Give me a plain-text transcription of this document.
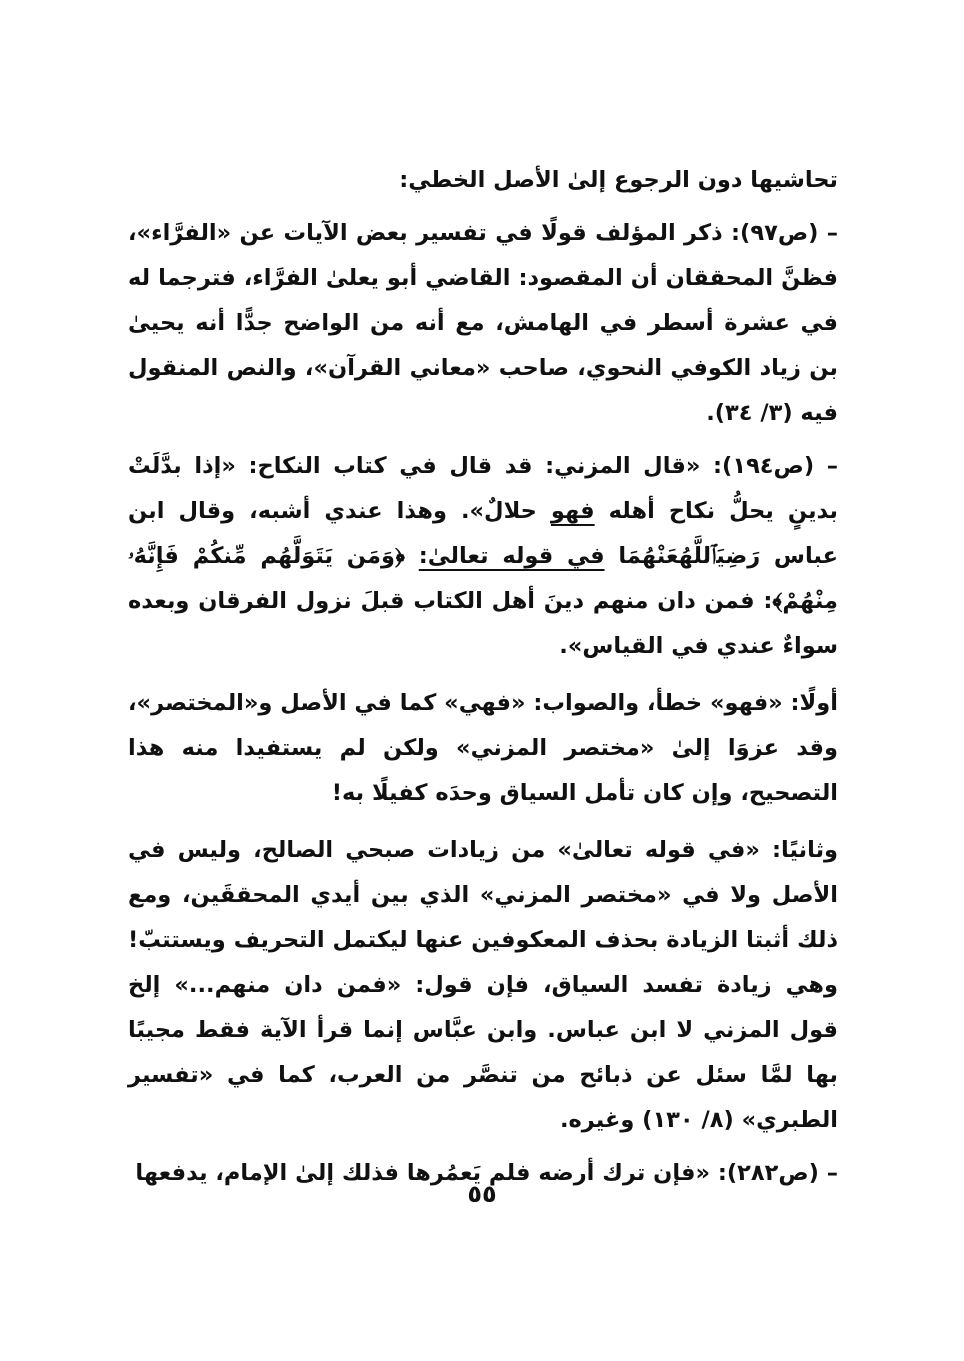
تحاشيها دون الرجوع إلىٰ الأصل الخطي:

– (ص٩٧): ذكر المؤلف قولًا في تفسير بعض الآيات عن «الفرَّاء»، فظنَّ المحققان أن المقصود: القاضي أبو يعلىٰ الفرَّاء، فترجما له في عشرة أسطر في الهامش، مع أنه من الواضح جدًّا أنه يحيىٰ بن زياد الكوفي النحوي، صاحب «معاني القرآن»، والنص المنقول فيه (٣/ ٣٤).

– (ص١٩٤): «قال المزني: قد قال في كتاب النكاح: «إذا بدَّلَتْ بدينٍ يحلُّ نكاح أهله فهو حلالٌ». وهذا عندي أشبه، وقال ابن عباس رَضِيَٱللَّهُعَنْهُمَا في قوله تعالىٰ: ﴿وَمَن يَتَوَلَّهُم مِّنكُمْ فَإِنَّهُۥ مِنْهُمْ﴾: فمن دان منهم دينَ أهل الكتاب قبلَ نزول الفرقان وبعده سواءٌ عندي في القياس».

أولًا: «فهو» خطأ، والصواب: «فهي» كما في الأصل و«المختصر»، وقد عزوَا إلىٰ «مختصر المزني» ولكن لم يستفيدا منه هذا التصحيح، وإن كان تأمل السياق وحدَه كفيلًا به!

وثانيًا: «في قوله تعالىٰ» من زيادات صبحي الصالح، وليس في الأصل ولا في «مختصر المزني» الذي بين أيدي المحققَين، ومع ذلك أثبتا الزيادة بحذف المعكوفين عنها ليكتمل التحريف ويستتبّ! وهي زيادة تفسد السياق، فإن قول: «فمن دان منهم...» إلخ قول المزني لا ابن عباس. وابن عبَّاس إنما قرأ الآية فقط مجيبًا بها لمَّا سئل عن ذبائح من تنصَّر من العرب، كما في «تفسير الطبري» (٨/ ١٣٠) وغيره.

– (ص٢٨٢): «فإن ترك أرضه فلم يَعمُرها فذلك إلىٰ الإمام، يدفعها

٥٥
